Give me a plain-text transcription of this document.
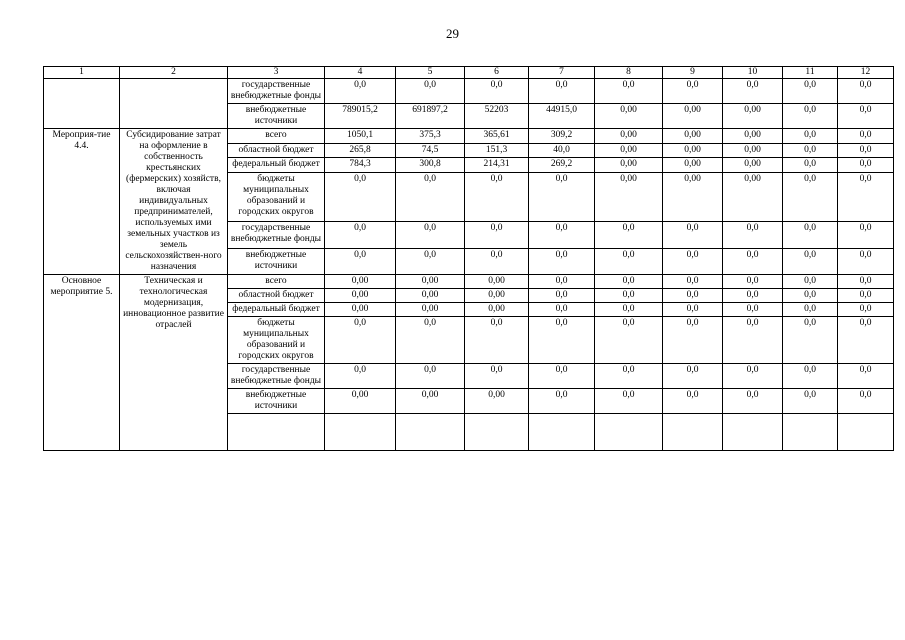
29
1	2	3	4	5	6	7	8	9	10	11	12
		государственные внебюджетные фонды	0,0	0,0	0,0	0,0	0,0	0,0	0,0	0,0	0,0
		внебюджетные источники	789015,2	691897,2	52203	44915,0	0,00	0,00	0,00	0,0	0,0
Мероприя-тие 4.4.	Субсидирование затрат на оформление в собственность крестьянских (фермерских) хозяйств, включая индивидуальных предпринимателей, используемых ими земельных участков из земель сельскохозяйствен-ного назначения	всего	1050,1	375,3	365,61	309,2	0,00	0,00	0,00	0,0	0,0
		областной бюджет	265,8	74,5	151,3	40,0	0,00	0,00	0,00	0,0	0,0
		федеральный бюджет	784,3	300,8	214,31	269,2	0,00	0,00	0,00	0,0	0,0
		бюджеты муниципальных образований и городских округов	0,0	0,0	0,0	0,0	0,00	0,00	0,00	0,0	0,0
		государственные внебюджетные фонды	0,0	0,0	0,0	0,0	0,0	0,0	0,0	0,0	0,0
		внебюджетные источники	0,0	0,0	0,0	0,0	0,0	0,0	0,0	0,0	0,0
Основное мероприятие 5.	Техническая и технологическая модернизация, инновационное развитие отраслей	всего	0,00	0,00	0,00	0,0	0,0	0,0	0,0	0,0	0,0
		областной бюджет	0,00	0,00	0,00	0,0	0,0	0,0	0,0	0,0	0,0
		федеральный бюджет	0,00	0,00	0,00	0,0	0,0	0,0	0,0	0,0	0,0
		бюджеты муниципальных образований и городских округов	0,0	0,0	0,0	0,0	0,0	0,0	0,0	0,0	0,0
		государственные внебюджетные фонды	0,0	0,0	0,0	0,0	0,0	0,0	0,0	0,0	0,0
		внебюджетные источники	0,00	0,00	0,00	0,0	0,0	0,0	0,0	0,0	0,0
